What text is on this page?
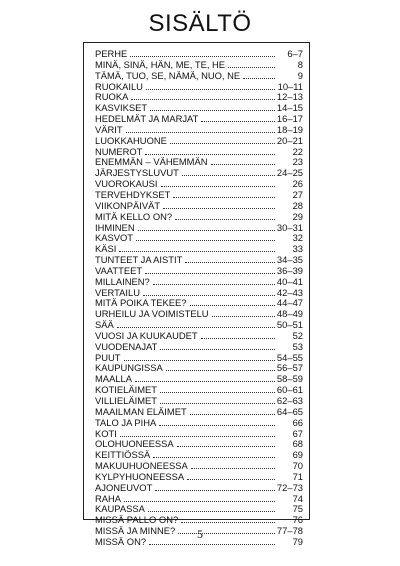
SISÄLTÖ
PERHE	6–7
MINÄ, SINÄ, HÄN, ME, TE, HE	8
TÄMÄ, TUO, SE, NÄMÄ, NUO, NE	9
RUOKAILU	10–11
RUOKA	12–13
KASVIKSET	14–15
HEDELMÄT JA MARJAT	16–17
VÄRIT	18–19
LUOKKAHUONE	20–21
NUMEROT	22
ENEMMÄN – VÄHEMMÄN	23
JÄRJESTYSLUVUT	24–25
VUOROKAUSI	26
TERVEHDYKSET	27
VIIKONPÄIVÄT	28
MITÄ KELLO ON?	29
IHMINEN	30–31
KASVOT	32
KÄSI	33
TUNTEET JA AISTIT	34–35
VAATTEET	36–39
MILLAINEN?	40–41
VERTAILU	42–43
MITÄ POIKA TEKEE?	44–47
URHEILU JA VOIMISTELU	48–49
SÄÄ	50–51
VUOSI JA KUUKAUDET	52
VUODENAJAT	53
PUUT	54–55
KAUPUNGISSA	56–57
MAALLA	58–59
KOTIELÄIMET	60–61
VILLIELÄIMET	62–63
MAAILMAN ELÄIMET	64–65
TALO JA PIHA	66
KOTI	67
OLOHUONEESSA	68
KEITTIÖSSÄ	69
MAKUUHUONEESSA	70
KYLPYHUONEESSA	71
AJONEUVOT	72–73
RAHA	74
KAUPASSA	75
MISSÄ PALLO ON?	76
MISSÄ JA MINNE?	77–78
MISSÄ ON?	79
5
